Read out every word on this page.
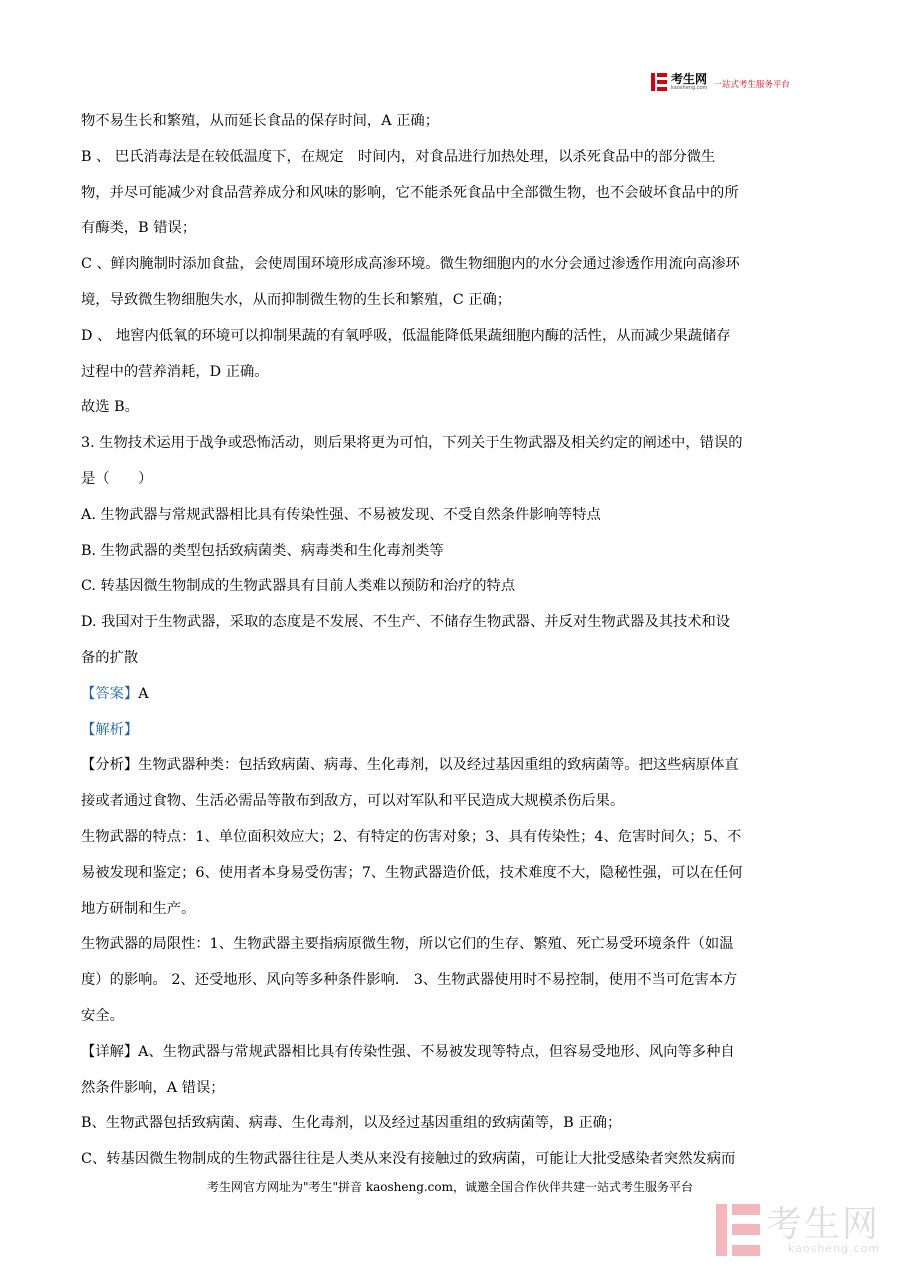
考生网
kaosheng.com 一站式考生服务平台

物不易生长和繁殖，从而延长食品的保存时间，A 正确；

B 、 巴氏消毒法是在较低温度下，在规定　时间内，对食品进行加热处理，以杀死食品中的部分微生

物，并尽可能减少对食品营养成分和风味的影响，它不能杀死食品中全部微生物，也不会破坏食品中的所

有酶类，B 错误；

C 、鲜肉腌制时添加食盐，会使周围环境形成高渗环境。微生物细胞内的水分会通过渗透作用流向高渗环

境，导致微生物细胞失水，从而抑制微生物的生长和繁殖，C 正确；

D 、 地窖内低氧的环境可以抑制果蔬的有氧呼吸，低温能降低果蔬细胞内酶的活性，从而减少果蔬储存

过程中的营养消耗，D 正确。

故选 B。

3. 生物技术运用于战争或恐怖活动，则后果将更为可怕，下列关于生物武器及相关约定的阐述中，错误的

是（　　）

A. 生物武器与常规武器相比具有传染性强、不易被发现、不受自然条件影响等特点

B. 生物武器的类型包括致病菌类、病毒类和生化毒剂类等

C. 转基因微生物制成的生物武器具有目前人类难以预防和治疗的特点

D. 我国对于生物武器，采取的态度是不发展、不生产、不储存生物武器、并反对生物武器及其技术和设

备的扩散

【答案】A

【解析】

【分析】生物武器种类：包括致病菌、病毒、生化毒剂，以及经过基因重组的致病菌等。把这些病原体直

接或者通过食物、生活必需品等散布到敌方，可以对军队和平民造成大规模杀伤后果。

生物武器的特点：1、单位面积效应大；2、有特定的伤害对象；3、具有传染性；4、危害时间久；5、不

易被发现和鉴定；6、使用者本身易受伤害；7、生物武器造价低，技术难度不大，隐秘性强，可以在任何

地方研制和生产。

生物武器的局限性：1、生物武器主要指病原微生物，所以它们的生存、繁殖、死亡易受环境条件（如温

度）的影响。 2、还受地形、风向等多种条件影响． 3、生物武器使用时不易控制，使用不当可危害本方

安全。

【详解】A、生物武器与常规武器相比具有传染性强、不易被发现等特点，但容易受地形、风向等多种自

然条件影响，A 错误；

B、生物武器包括致病菌、病毒、生化毒剂，以及经过基因重组的致病菌等，B 正确；

C、转基因微生物制成的生物武器往往是人类从来没有接触过的致病菌，可能让大批受感染者突然发病而

考生网官方网址为"考生"拼音 kaosheng.com，诚邀全国合作伙伴共建一站式考生服务平台
考生网
kaosheng.com
